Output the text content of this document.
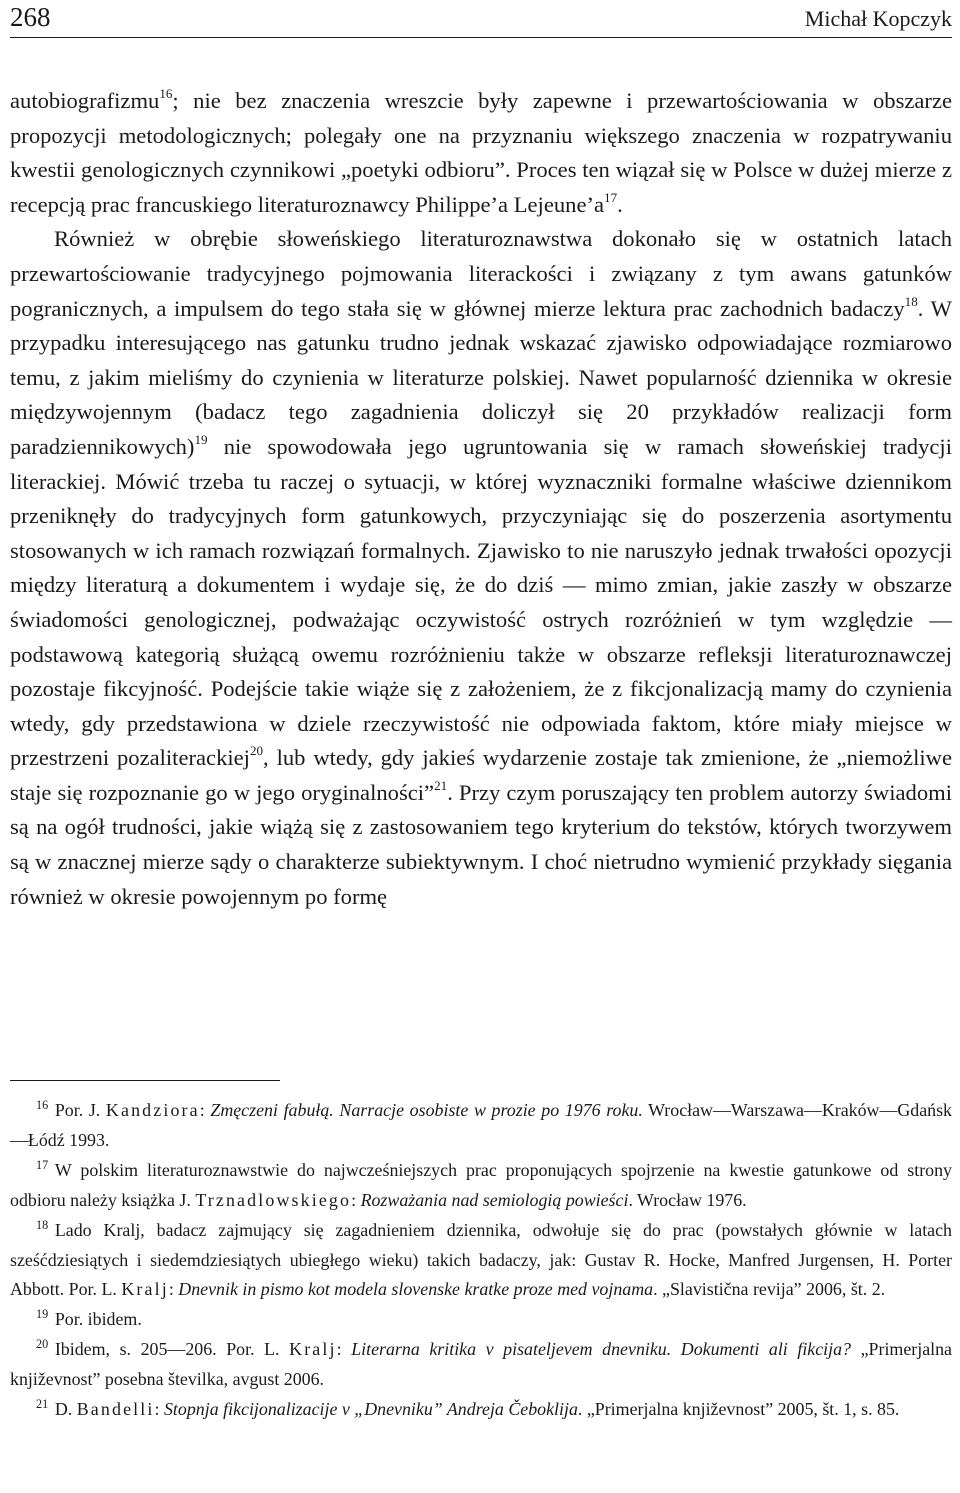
268	Michał Kopczyk

autobiografizmu$^{16}$; nie bez znaczenia wreszcie były zapewne i przewartościowania w obszarze propozycji metodologicznych; polegały one na przyznaniu większego znaczenia w rozpatrywaniu kwestii genologicznych czynnikowi „poetyki odbioru”. Proces ten wiązał się w Polsce w dużej mierze z recepcją prac francuskiego literaturoznawcy Philippe’a $Lejeune’a^{17}$.

Również w obrębie słoweńskiego literaturoznawstwa dokonało się w ostatnich latach przewartościowanie tradycyjnego pojmowania literackości i związany z tym awans gatunków pogranicznych, a impulsem do tego stała się w głównej mierze lektura prac zachodnich badaczy$^{18}$. W przypadku interesującego nas gatunku trudno jednak wskazać zjawisko odpowiadające rozmiarowo temu, z jakim mieliśmy do czynienia w literaturze polskiej. Nawet popularność dziennika w okresie międzywojennym (badacz tego zagadnienia doliczył się 20 przykładów realizacji form paradziennikowych)$^{19}$ nie spowodowała jego ugruntowania się w ramach słoweńskiej tradycji literackiej. Mówić trzeba tu raczej o sytuacji, w której wyznaczniki formalne właściwe dziennikom przeniknęły do tradycyjnych form gatunkowych, przyczyniając się do poszerzenia asortymentu stosowanych w ich ramach rozwiązań formalnych. Zjawisko to nie naruszyło jednak trwałości opozycji między literaturą a dokumentem i wydaje się, że do dziś — mimo zmian, jakie zaszły w obszarze świadomości genologicznej, podważając oczywistość ostrych rozróżnień w tym względzie — podstawową kategorią służącą owemu rozróżnieniu także w obszarze refleksji literaturoznawczej pozostaje fikcyjność. Podejście takie wiąże się z założeniem, że z fikcjonalizacją mamy do czynienia wtedy, gdy przedstawiona w dziele rzeczywistość nie odpowiada faktom, które miały miejsce w przestrzeni pozaliterackiej$^{20}$, lub wtedy, gdy jakieś wydarzenie zostaje tak zmienione, że „niemożliwe staje się rozpoznanie go w jego oryginalności”$^{21}$. Przy czym poruszający ten problem autorzy świadomi są na ogół trudności, jakie wiążą się z zastosowaniem tego kryterium do tekstów, których tworzywem są w znacznej mierze sądy o charakterze subiektywnym. I choć nietrudno wymienić przykłady sięgania również w okresie powojennym po formę

$^{16}$ Por. J. Kandziora: Zmęczeni fabułą. Narracje osobiste w prozie po 1976 roku. Wrocław—Warszawa—Kraków—Gdańsk—Łódź 1993.

$^{17}$ W polskim literaturoznawstwie do najwcześniejszych prac proponujących spojrzenie na kwestie gatunkowe od strony odbioru należy książka J. Trznadlowskiego: Rozważania nad semiologią powieści. Wrocław 1976.

$^{18}$ Lado Kralj, badacz zajmujący się zagadnieniem dziennika, odwołuje się do prac (powstałych głównie w latach sześćdziesiątych i siedemdziesiątych ubiegłego wieku) takich badaczy, jak: Gustav R. Hocke, Manfred Jurgensen, H. Porter Abbott. Por. L. Kralj: Dnevnik in pismo kot modela slovenske kratke proze med vojnama. „Slavistična revija” 2006, št. 2.

$^{19}$ Por. ibidem.

$^{20}$ Ibidem, s. 205—206. Por. L. Kralj: Literarna kritika v pisateljevem dnevniku. Dokumenti ali fikcija? „Primerjalna književnost” posebna številka, avgust 2006.

$^{21}$ D. Bandelli: Stopnja fikcijonalizacije v „Dnevniku” Andreja Čeboklija. „Primerjalna književnost” 2005, št. 1, s. 85.
